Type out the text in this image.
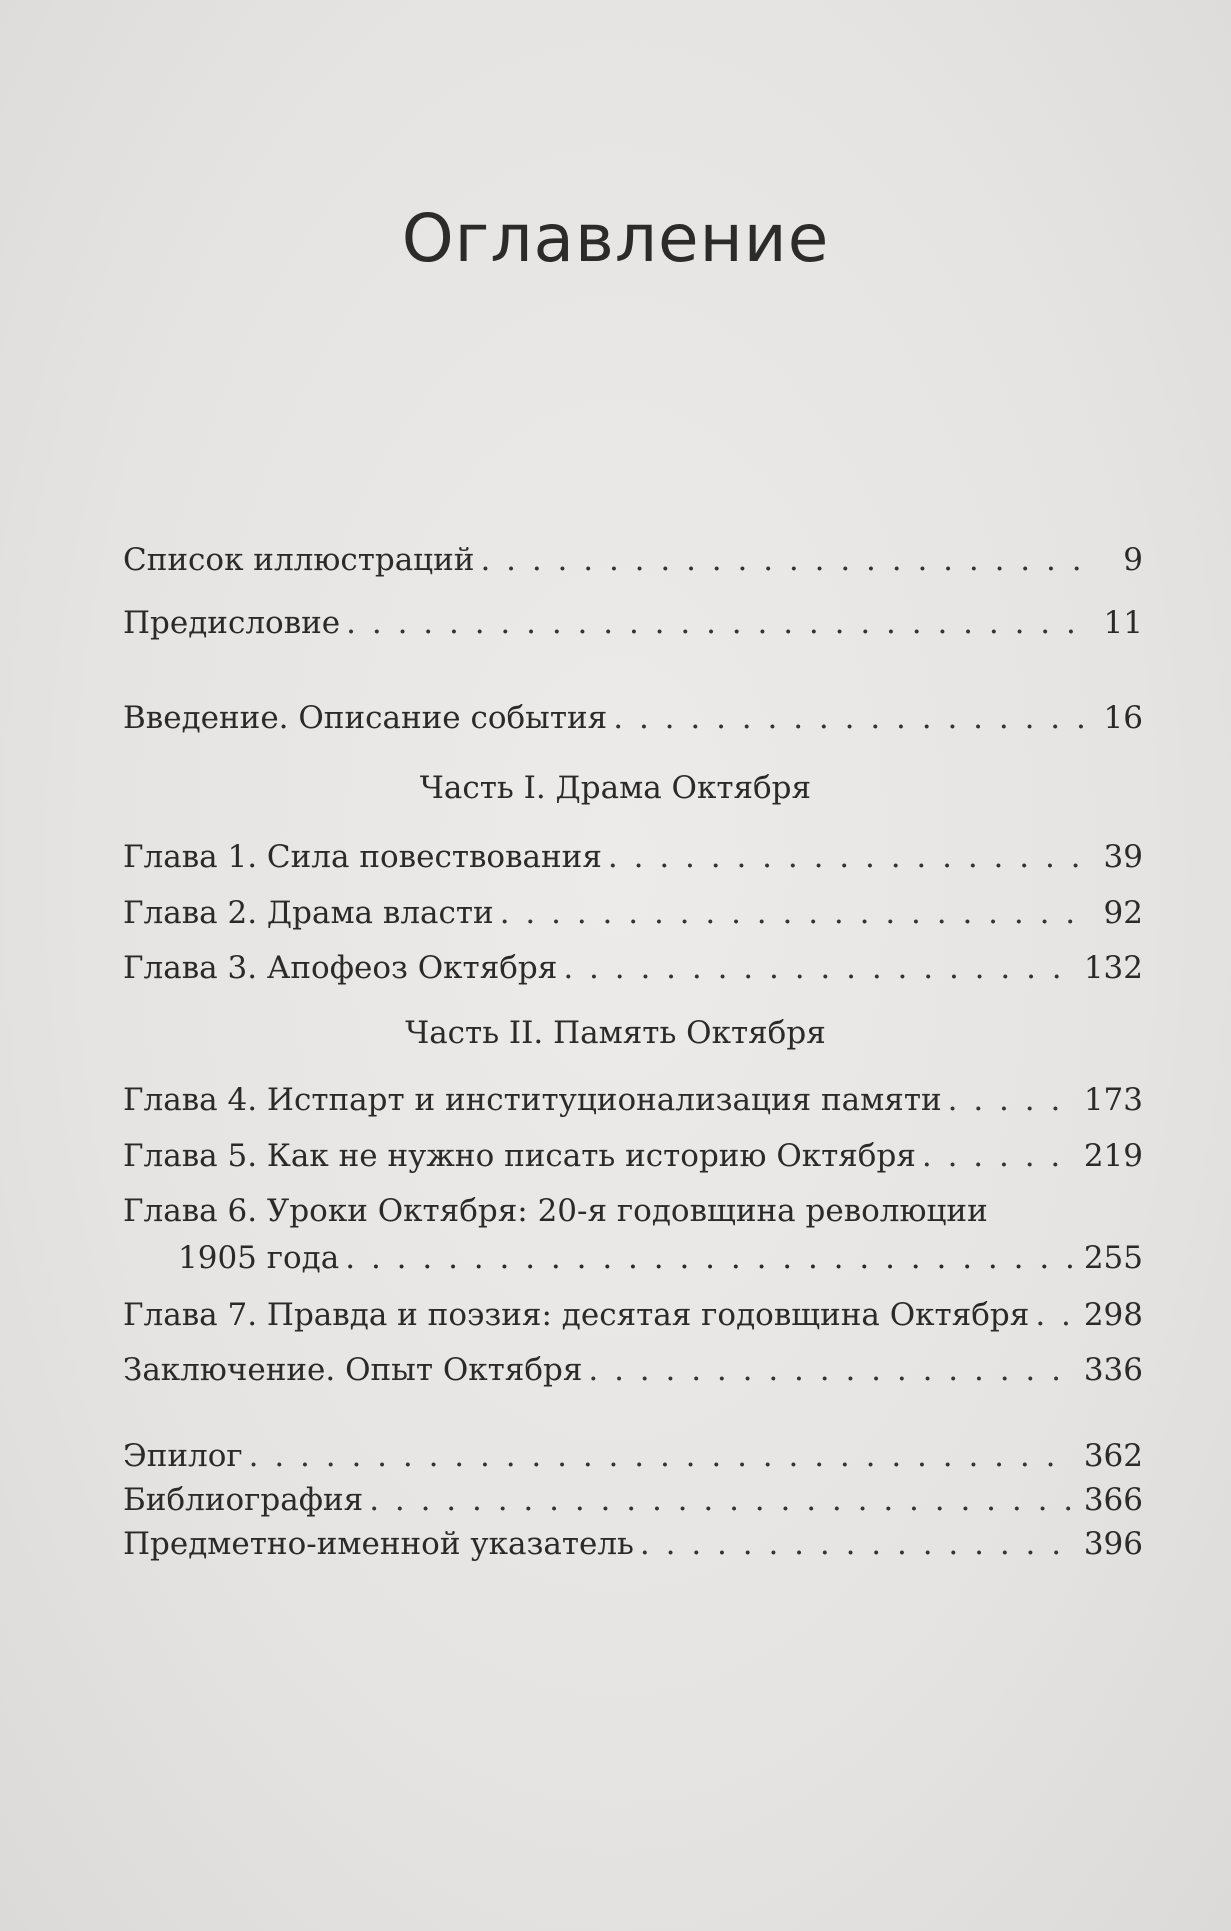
Оглавление
Список иллюстраций . . .	9
Предисловие . . .	11
Введение. Описание события . . .	16
Часть I. Драма Октября
Глава 1. Сила повествования . . .	39
Глава 2. Драма власти . . .	92
Глава 3. Апофеоз Октября . . .	132
Часть II. Память Октября
Глава 4. Истпарт и институционализация памяти . . .	173
Глава 5. Как не нужно писать историю Октября . . .	219
Глава 6. Уроки Октября: 20-я годовщина революции
1905 года . . .	255
Глава 7. Правда и поэзия: десятая годовщина Октября . . .	298
Заключение. Опыт Октября . . .	336
Эпилог . . .	362
Библиография . . .	366
Предметно-именной указатель . . .	396
